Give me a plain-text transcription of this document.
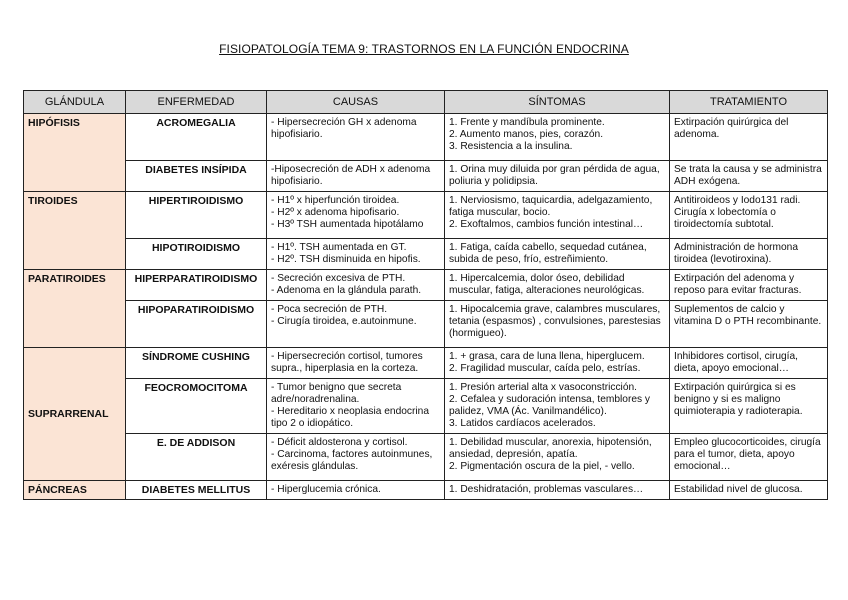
FISIOPATOLOGÍA TEMA 9: TRASTORNOS EN LA FUNCIÓN ENDOCRINA
GLÁNDULA	ENFERMEDAD	CAUSAS	SÍNTOMAS	TRATAMIENTO
HIPÓFISIS	ACROMEGALIA	- Hipersecreción GH x adenoma hipofisiario.	1. Frente y mandíbula prominente.
2. Aumento manos, pies, corazón.
3. Resistencia a la insulina.	Extirpación quirúrgica del adenoma.
	DIABETES INSÍPIDA	-Hiposecreción de ADH x adenoma hipofisiario.	1. Orina muy diluida por gran pérdida de agua, poliuria y polidipsia.	Se trata la causa y se administra ADH exógena.
TIROIDES	HIPERTIROIDISMO	- H1º x hiperfunción tiroidea.
- H2º x adenoma hipofisario.
- H3º TSH aumentada hipotálamo	1. Nerviosismo, taquicardia, adelgazamiento, fatiga muscular, bocio.
2. Exoftalmos, cambios función intestinal…	Antitiroideos y Iodo131 radi. Cirugía x lobectomía o tiroidectomía subtotal.
	HIPOTIROIDISMO	- H1º. TSH aumentada en GT.
- H2º. TSH disminuida en hipofis.	1. Fatiga, caída cabello, sequedad cutánea, subida de peso, frío, estreñimiento.	Administración de hormona tiroidea (levotiroxina).
PARATIROIDES	HIPERPARATIROIDISMO	- Secreción excesiva de PTH.
- Adenoma en la glándula parath.	1. Hipercalcemia, dolor óseo, debilidad muscular, fatiga, alteraciones neurológicas.	Extirpación del adenoma y reposo para evitar fracturas.
	HIPOPARATIROIDISMO	- Poca secreción de PTH.
- Cirugía tiroidea, e.autoinmune.	1. Hipocalcemia grave, calambres musculares, tetania (espasmos) , convulsiones, parestesias (hormigueo).	Suplementos de calcio y vitamina D o PTH recombinante.
SUPRARRENAL	SÍNDROME CUSHING	- Hipersecreción cortisol, tumores supra., hiperplasia en la corteza.	1. + grasa, cara de luna llena, hiperglucem.
2. Fragilidad muscular, caída pelo, estrías.	Inhibidores cortisol, cirugía, dieta, apoyo emocional…
	FEOCROMOCITOMA	- Tumor benigno que secreta adre/noradrenalina.
- Hereditario x neoplasia endocrina tipo 2 o idiopático.	1. Presión arterial alta x vasoconstricción.
2. Cefalea y sudoración intensa, temblores y palidez, VMA (Ác. Vanilmandélico).
3. Latidos cardíacos acelerados.	Extirpación quirúrgica si es benigno y si es maligno quimioterapia y radioterapia.
	E. DE ADDISON	- Déficit aldosterona y cortisol.
- Carcinoma, factores autoinmunes, exéresis glándulas.	1. Debilidad muscular, anorexia, hipotensión, ansiedad, depresión, apatía.
2. Pigmentación oscura de la piel, - vello.	Empleo glucocorticoides, cirugía para el tumor, dieta, apoyo emocional…
PÁNCREAS	DIABETES MELLITUS	- Hiperglucemia crónica.	1. Deshidratación, problemas vasculares…	Estabilidad nivel de glucosa.
